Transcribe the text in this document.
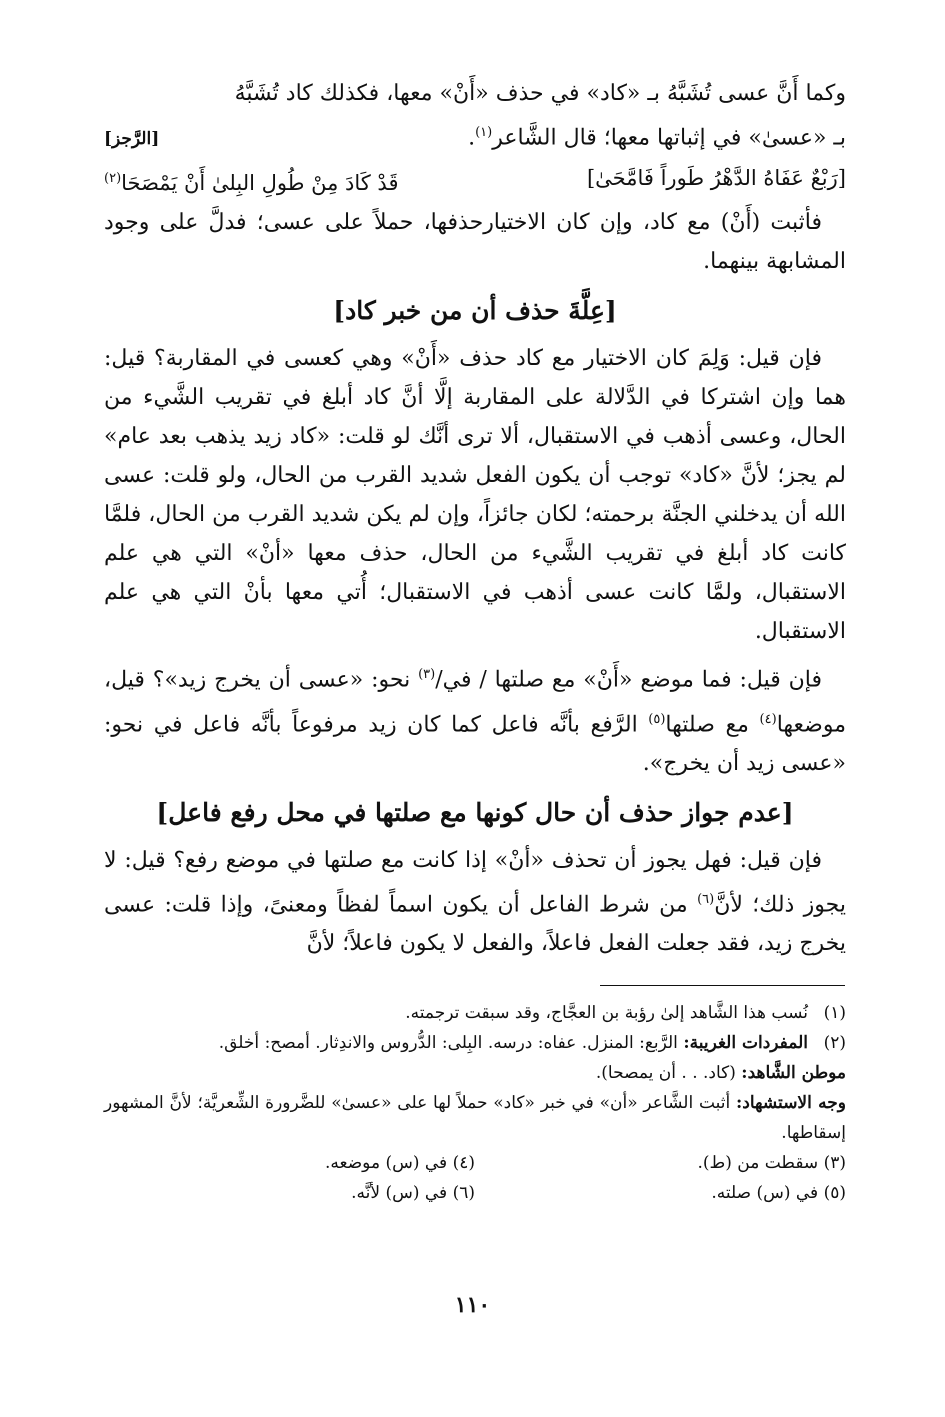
وكما أَنَّ عسى تُشَبَّهُ بـ «كاد» في حذف «أَنْ» معها، فكذلك كاد تُشَبَّهُ

بـ «عسىٰ» في إثباتها معها؛ قال الشَّاعر$^{(١)}$.
[الرَّجز]

[رَبْعٌ عَفَاهُ الدَّهْرُ طَوراً فَامَّحَىٰ]
قَدْ كَادَ مِنْ طُولِ البِلىٰ أَنْ يَمْصَحَا$^{(٢)}$

فأثبت (أَنْ) مع كاد، وإن كان الاختيارحذفها، حملاً على عسى؛ فدلَّ على وجود المشابهة بينهما.

[عِلَّةَ حذف أن من خبر كاد]

فإن قيل: وَلِمَ كان الاختيار مع كاد حذف «أَنْ» وهي كعسى في المقاربة؟ قيل: هما وإن اشتركا في الدَّلالة على المقاربة إلَّا أنَّ كاد أبلغ في تقريب الشَّيء من الحال، وعسى أذهب في الاستقبال، ألا ترى أنَّك لو قلت: «كاد زيد يذهب بعد عام» لم يجز؛ لأنَّ «كاد» توجب أن يكون الفعل شديد القرب من الحال، ولو قلت: عسى الله أن يدخلني الجنَّة برحمته؛ لكان جائزاً، وإن لم يكن شديد القرب من الحال، فلمَّا كانت كاد أبلغ في تقريب الشَّيء من الحال، حذف معها «أنْ» التي هي علم الاستقبال، ولمَّا كانت عسى أذهب في الاستقبال؛ أُتي معها بأنْ التي هي علم الاستقبال.

فإن قيل: فما موضع «أَنْ» مع صلتها / في/$^{(٣)}$ نحو: «عسى أن يخرج زيد»؟ قيل، موضعها$^{(٤)}$ مع صلتها$^{(٥)}$ الرَّفع بأنَّه فاعل كما كان زيد مرفوعاً بأنَّه فاعل في نحو: «عسى زيد أن يخرج».

[عدم جواز حذف أن حال كونها مع صلتها في محل رفع فاعل]

فإن قيل: فهل يجوز أن تحذف «أنْ» إذا كانت مع صلتها في موضع رفع؟ قيل: لا يجوز ذلك؛ لأنَّ$^{(٦)}$ من شرط الفاعل أن يكون اسماً لفظاً ومعنىً، وإذا قلت: عسى يخرج زيد، فقد جعلت الفعل فاعلاً، والفعل لا يكون فاعلاً؛ لأنَّ

(١)
نُسب هذا الشَّاهد إلىٰ رؤبة بن العجَّاج، وقد سبقت ترجمته.
(٢)
المفردات الغريبة: الرَّبع: المنزل. عفاه: درسه. البِلى: الدُّروس والاندِثار. أمصح: أخلق.
موطن الشَّاهد: (كاد. . . أن يمصحا).
وجه الاستشهاد: أثبت الشَّاعر «أن» في خبر «كاد» حملاً لها على «عسىٰ» للضَّرورة الشِّعريَّة؛ لأنَّ المشهور إسقاطها.
(٣) سقطت من (ط).
(٤) في (س) موضعه.
(٥) في (س) صلته.
(٦) في (س) لأنَّه.
١١٠
